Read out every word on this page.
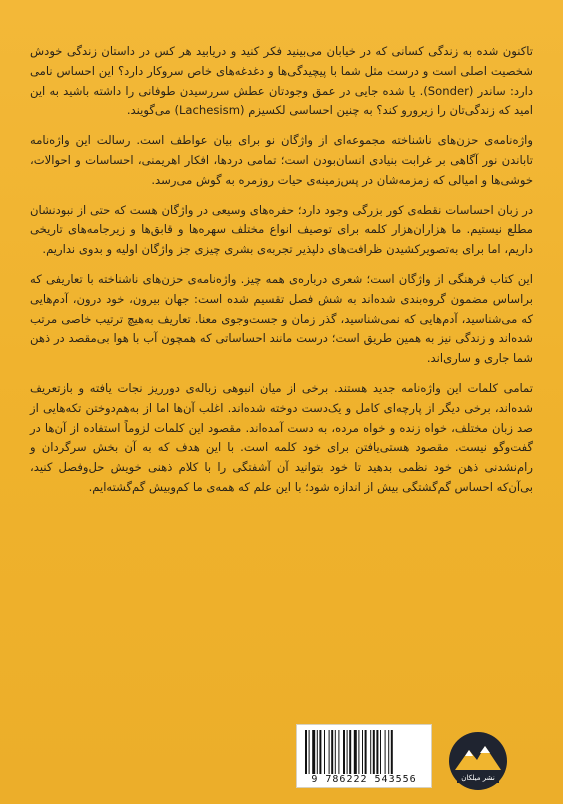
تاکنون شده به زندگی کسانی که در خیابان می‌بینید فکر کنید و دریابید هر کس در داستان زندگی خودش شخصیت اصلی است و درست مثل شما با پیچیدگی‌ها و دغدغه‌های خاص سروکار دارد؟ این احساس نامی دارد: ساندر (Sonder). یا شده جایی در عمق وجودتان عطش سررسیدن طوفانی را داشته باشید به این امید که زندگی‌تان را زیرورو کند؟ به چنین احساسی لکسیزم (Lachesism) می‌گویند.

واژه‌نامه‌ی حزن‌های ناشناخته مجموعه‌ای از واژگان نو برای بیان عواطف است. رسالت این واژه‌نامه تاباندن نور آگاهی بر غرابت بنیادی انسان‌بودن است؛ تمامی دردها، افکار اهریمنی، احساسات و احوالات، خوشی‌ها و امیالی که زمزمه‌شان در پس‌زمینه‌ی حیات روزمره به گوش می‌رسد.

در زبان احساسات نقطه‌ی کور بزرگی وجود دارد؛ حفره‌های وسیعی در واژگان هست که حتی از نبودنشان مطلع نیستیم. ما هزاران‌هزار کلمه برای توصیف انواع مختلف سهره‌ها و قابق‌ها و زیرجامه‌های تاریخی داریم، اما برای به‌تصویرکشیدن ظرافت‌های دلپذیر تجربه‌ی بشری چیزی جز واژگان اولیه و بدوی نداریم.

این کتاب فرهنگی از واژگان است؛ شعری درباره‌ی همه چیز. واژه‌نامه‌ی حزن‌های ناشناخته با تعاریفی که براساس مضمون گروه‌بندی شده‌اند به شش فصل تقسیم شده است: جهان بیرون، خود درون، آدم‌هایی که می‌شناسید، آدم‌هایی که نمی‌شناسید، گذر زمان و جست‌وجوی معنا. تعاریف به‌هیچ ترتیب خاصی مرتب شده‌اند و زندگی نیز به همین طریق است؛ درست مانند احساساتی که همچون آب با هوا بی‌مقصد در ذهن شما جاری و ساری‌اند.

تمامی کلمات این واژه‌نامه جدید هستند. برخی از میان انبوهی زباله‌ی دورریز نجات یافته و بازتعریف شده‌اند، برخی دیگر از پارچه‌ای کامل و یک‌دست دوخته شده‌اند. اغلب آن‌ها اما از به‌هم‌دوختن تکه‌هایی از صد زبان مختلف، خواه زنده و خواه مرده، به دست آمده‌اند. مقصود این کلمات لزوماً استفاده از آن‌ها در گفت‌وگو نیست. مقصود هستی‌یافتن برای خود کلمه است. با این هدف که به آن بخش سرگردان و رام‌نشدنی ذهن خود نظمی بدهید تا خود بتوانید آن آشفتگی را با کلام ذهنی خویش حل‌وفصل کنید، بی‌آن‌که احساس گم‌گشتگی بیش از اندازه شود؛ با این علم که همه‌ی ما کم‌وبیش گم‌گشته‌ایم.

9 786222 543556	نشر میلکان
